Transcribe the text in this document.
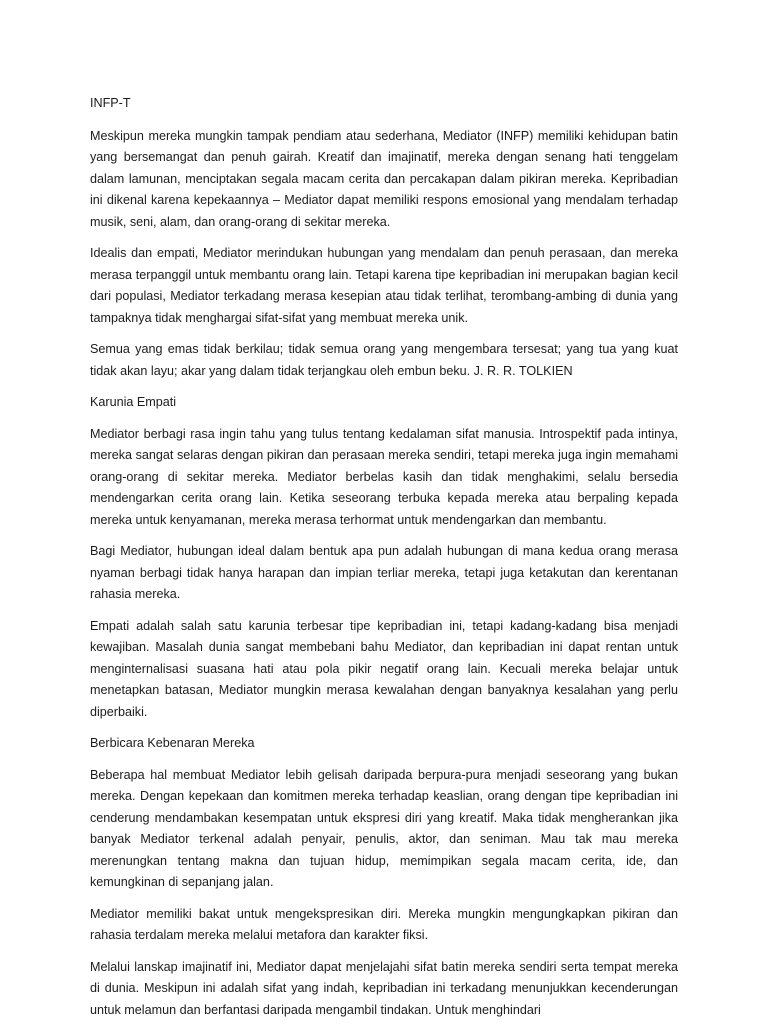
INFP-T
Meskipun mereka mungkin tampak pendiam atau sederhana, Mediator (INFP) memiliki kehidupan batin yang bersemangat dan penuh gairah. Kreatif dan imajinatif, mereka dengan senang hati tenggelam dalam lamunan, menciptakan segala macam cerita dan percakapan dalam pikiran mereka. Kepribadian ini dikenal karena kepekaannya – Mediator dapat memiliki respons emosional yang mendalam terhadap musik, seni, alam, dan orang-orang di sekitar mereka.
Idealis dan empati, Mediator merindukan hubungan yang mendalam dan penuh perasaan, dan mereka merasa terpanggil untuk membantu orang lain. Tetapi karena tipe kepribadian ini merupakan bagian kecil dari populasi, Mediator terkadang merasa kesepian atau tidak terlihat, terombang-ambing di dunia yang tampaknya tidak menghargai sifat-sifat yang membuat mereka unik.
Semua yang emas tidak berkilau; tidak semua orang yang mengembara tersesat; yang tua yang kuat tidak akan layu; akar yang dalam tidak terjangkau oleh embun beku. J. R. R. TOLKIEN
Karunia Empati
Mediator berbagi rasa ingin tahu yang tulus tentang kedalaman sifat manusia. Introspektif pada intinya, mereka sangat selaras dengan pikiran dan perasaan mereka sendiri, tetapi mereka juga ingin memahami orang-orang di sekitar mereka. Mediator berbelas kasih dan tidak menghakimi, selalu bersedia mendengarkan cerita orang lain. Ketika seseorang terbuka kepada mereka atau berpaling kepada mereka untuk kenyamanan, mereka merasa terhormat untuk mendengarkan dan membantu.
Bagi Mediator, hubungan ideal dalam bentuk apa pun adalah hubungan di mana kedua orang merasa nyaman berbagi tidak hanya harapan dan impian terliar mereka, tetapi juga ketakutan dan kerentanan rahasia mereka.
Empati adalah salah satu karunia terbesar tipe kepribadian ini, tetapi kadang-kadang bisa menjadi kewajiban. Masalah dunia sangat membebani bahu Mediator, dan kepribadian ini dapat rentan untuk menginternalisasi suasana hati atau pola pikir negatif orang lain. Kecuali mereka belajar untuk menetapkan batasan, Mediator mungkin merasa kewalahan dengan banyaknya kesalahan yang perlu diperbaiki.
Berbicara Kebenaran Mereka
Beberapa hal membuat Mediator lebih gelisah daripada berpura-pura menjadi seseorang yang bukan mereka. Dengan kepekaan dan komitmen mereka terhadap keaslian, orang dengan tipe kepribadian ini cenderung mendambakan kesempatan untuk ekspresi diri yang kreatif. Maka tidak mengherankan jika banyak Mediator terkenal adalah penyair, penulis, aktor, dan seniman. Mau tak mau mereka merenungkan tentang makna dan tujuan hidup, memimpikan segala macam cerita, ide, dan kemungkinan di sepanjang jalan.
Mediator memiliki bakat untuk mengekspresikan diri. Mereka mungkin mengungkapkan pikiran dan rahasia terdalam mereka melalui metafora dan karakter fiksi.
Melalui lanskap imajinatif ini, Mediator dapat menjelajahi sifat batin mereka sendiri serta tempat mereka di dunia. Meskipun ini adalah sifat yang indah, kepribadian ini terkadang menunjukkan kecenderungan untuk melamun dan berfantasi daripada mengambil tindakan. Untuk menghindari
